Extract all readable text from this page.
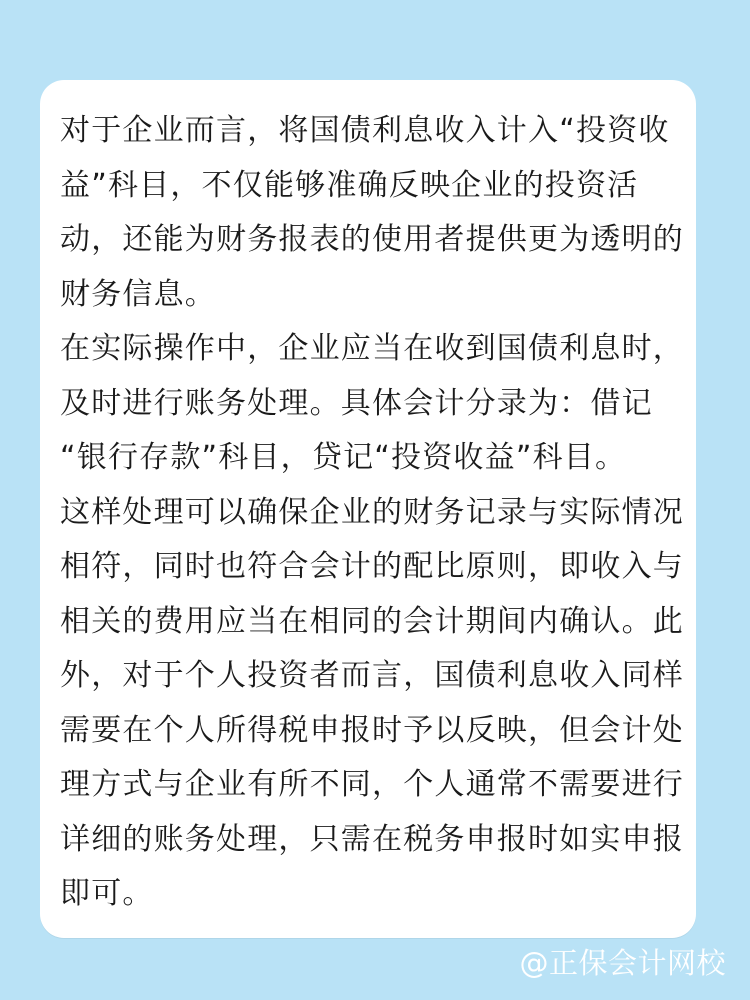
对于企业而言，将国债利息收入计入“投资收
益”科目，不仅能够准确反映企业的投资活
动，还能为财务报表的使用者提供更为透明的
财务信息。
在实际操作中，企业应当在收到国债利息时，
及时进行账务处理。具体会计分录为：借记
“银行存款”科目，贷记“投资收益”科目。
这样处理可以确保企业的财务记录与实际情况
相符，同时也符合会计的配比原则，即收入与
相关的费用应当在相同的会计期间内确认。此
外，对于个人投资者而言，国债利息收入同样
需要在个人所得税申报时予以反映，但会计处
理方式与企业有所不同，个人通常不需要进行
详细的账务处理，只需在税务申报时如实申报
即可。
@正保会计网校
